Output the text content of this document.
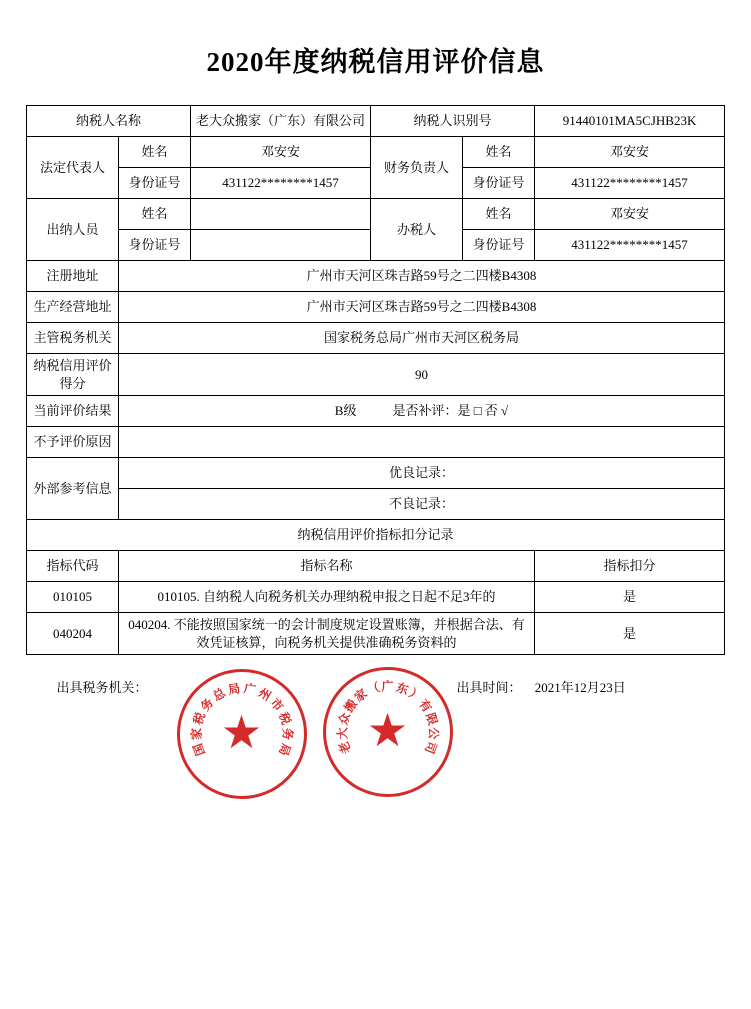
2020年度纳税信用评价信息
纳税人名称		老大众搬家（广东）有限公司	纳税人识别号		91440101MA5CJHB23K
法定代表人	姓名	邓安安	财务负责人	姓名	邓安安
	身份证号	431122********1457		身份证号	431122********1457
出纳人员	姓名		办税人	姓名	邓安安
	身份证号			身份证号	431122********1457
注册地址	广州市天河区珠吉路59号之二四楼B4308				
生产经营地址	广州市天河区珠吉路59号之二四楼B4308				
主管税务机关	国家税务总局广州市天河区税务局				
纳税信用评价得分	90				
当前评价结果	B级 是否补评：是 □ 否 √				
不予评价原因					
外部参考信息	优良记录：				
	不良记录：				
纳税信用评价指标扣分记录					
指标代码	指标名称				指标扣分
010105	010105. 自纳税人向税务机关办理纳税申报之日起不足3年的				是
040204	040204. 不能按照国家统一的会计制度规定设置账簿，并根据合法、有效凭证核算，向税务机关提供准确税务资料的				是
出具税务机关：	出具时间： 2021年12月23日
★
国
家
税
务
总 局 广 州
市
税
务
局 ★
老
大
众
搬
家
（ 广 东
）
有
限
公
司
